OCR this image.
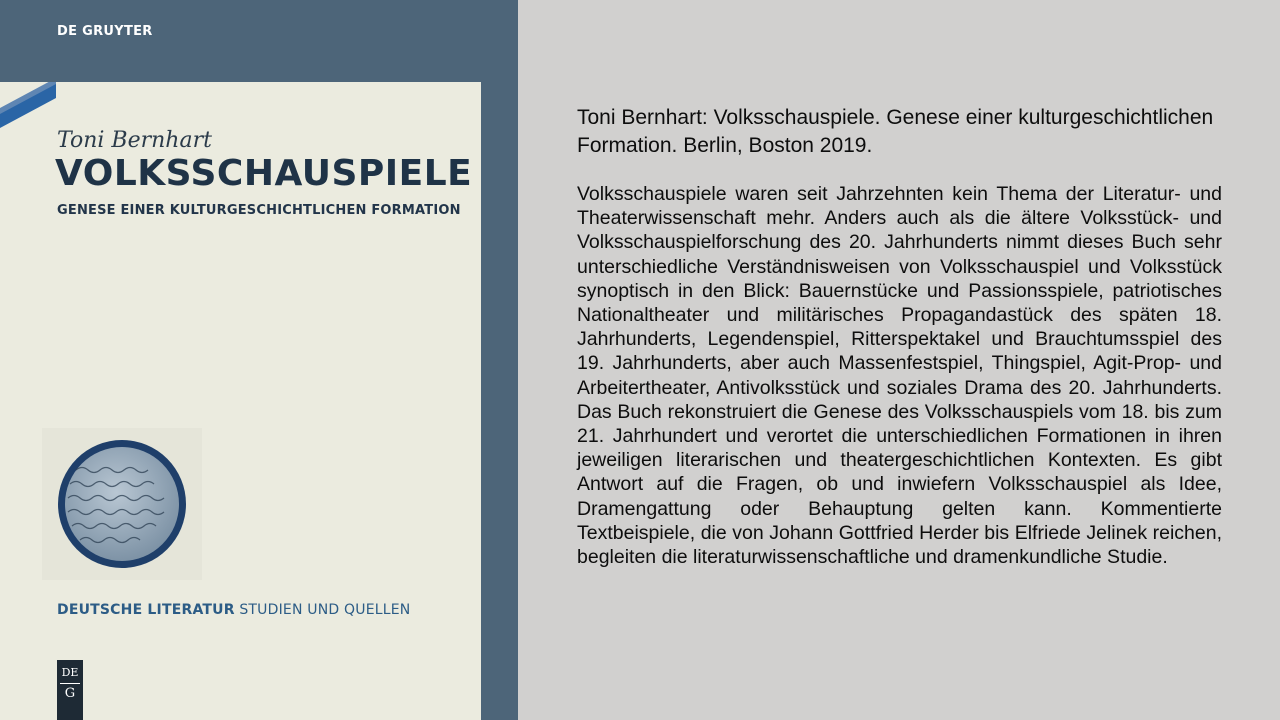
DE GRUYTER
Toni Bernhart
VOLKSSCHAUSPIELE
GENESE EINER KULTURGESCHICHTLICHEN FORMATION
DEUTSCHE LITERATUR STUDIEN UND QUELLEN
DE
G

Toni Bernhart: Volksschauspiele. Genese einer kulturgeschichtlichen Formation. Berlin, Boston 2019.

Volksschauspiele waren seit Jahrzehnten kein Thema der Literatur- und Theaterwissenschaft mehr. Anders auch als die ältere Volksstück- und Volksschauspielforschung des 20. Jahrhunderts nimmt dieses Buch sehr unterschiedliche Verständnisweisen von Volksschauspiel und Volksstück synoptisch in den Blick: Bauernstücke und Passionsspiele, patriotisches Nationaltheater und militärisches Propagandastück des späten 18. Jahrhunderts, Legendenspiel, Ritterspektakel und Brauchtumsspiel des 19. Jahrhunderts, aber auch Massenfestspiel, Thingspiel, Agit-Prop- und Arbeitertheater, Antivolksstück und soziales Drama des 20. Jahrhunderts. Das Buch rekonstruiert die Genese des Volksschauspiels vom 18. bis zum 21. Jahrhundert und verortet die unterschiedlichen Formationen in ihren jeweiligen literarischen und theatergeschichtlichen Kontexten. Es gibt Antwort auf die Fragen, ob und inwiefern Volksschauspiel als Idee, Dramengattung oder Behauptung gelten kann. Kommentierte Textbeispiele, die von Johann Gottfried Herder bis Elfriede Jelinek reichen, begleiten die literaturwissenschaftliche und dramenkundliche Studie.
